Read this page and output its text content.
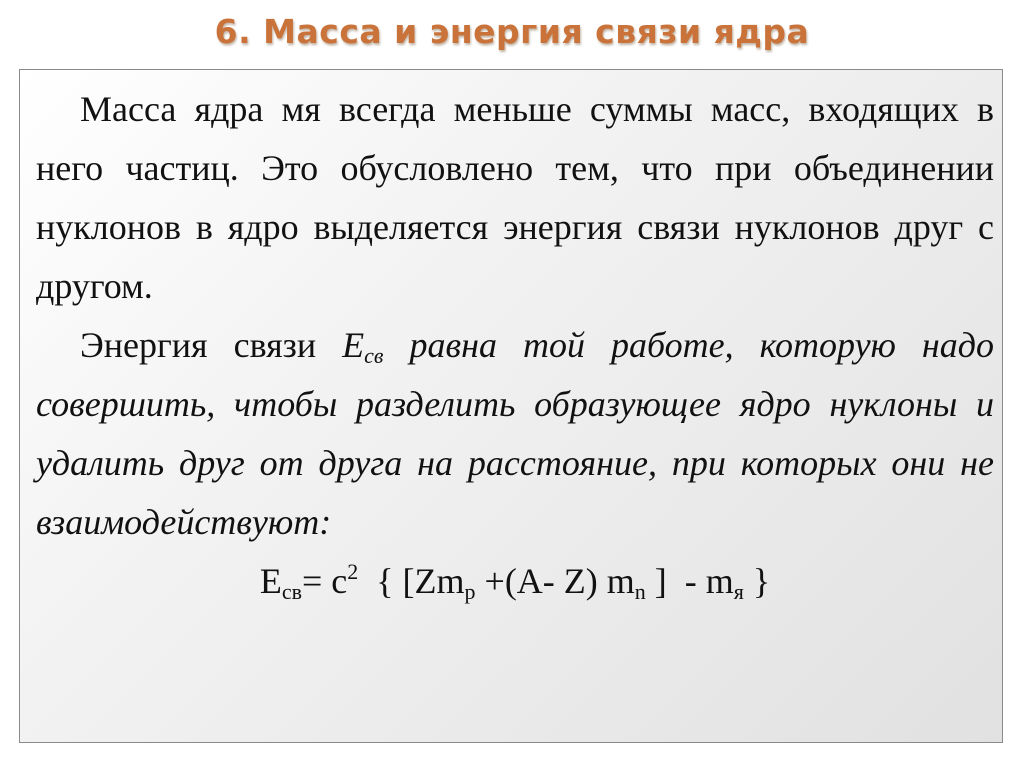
6. Масса и энергия связи ядра

Масса ядра мя всегда меньше суммы масс, входящих в него частиц. Это обусловлено тем, что при объединении нуклонов в ядро выделяется энергия связи нуклонов друг с другом.

Энергия связи $E_{св}$ равна той работе, которую надо совершить, чтобы разделить образующее ядро нуклоны и удалить друг от друга на расстояние, при которых они не взаимодействуют:

$E_{св}= c^2$  { [$Zm_p +(A-$ Z) $m_n$ ]  - $m_я$ }
